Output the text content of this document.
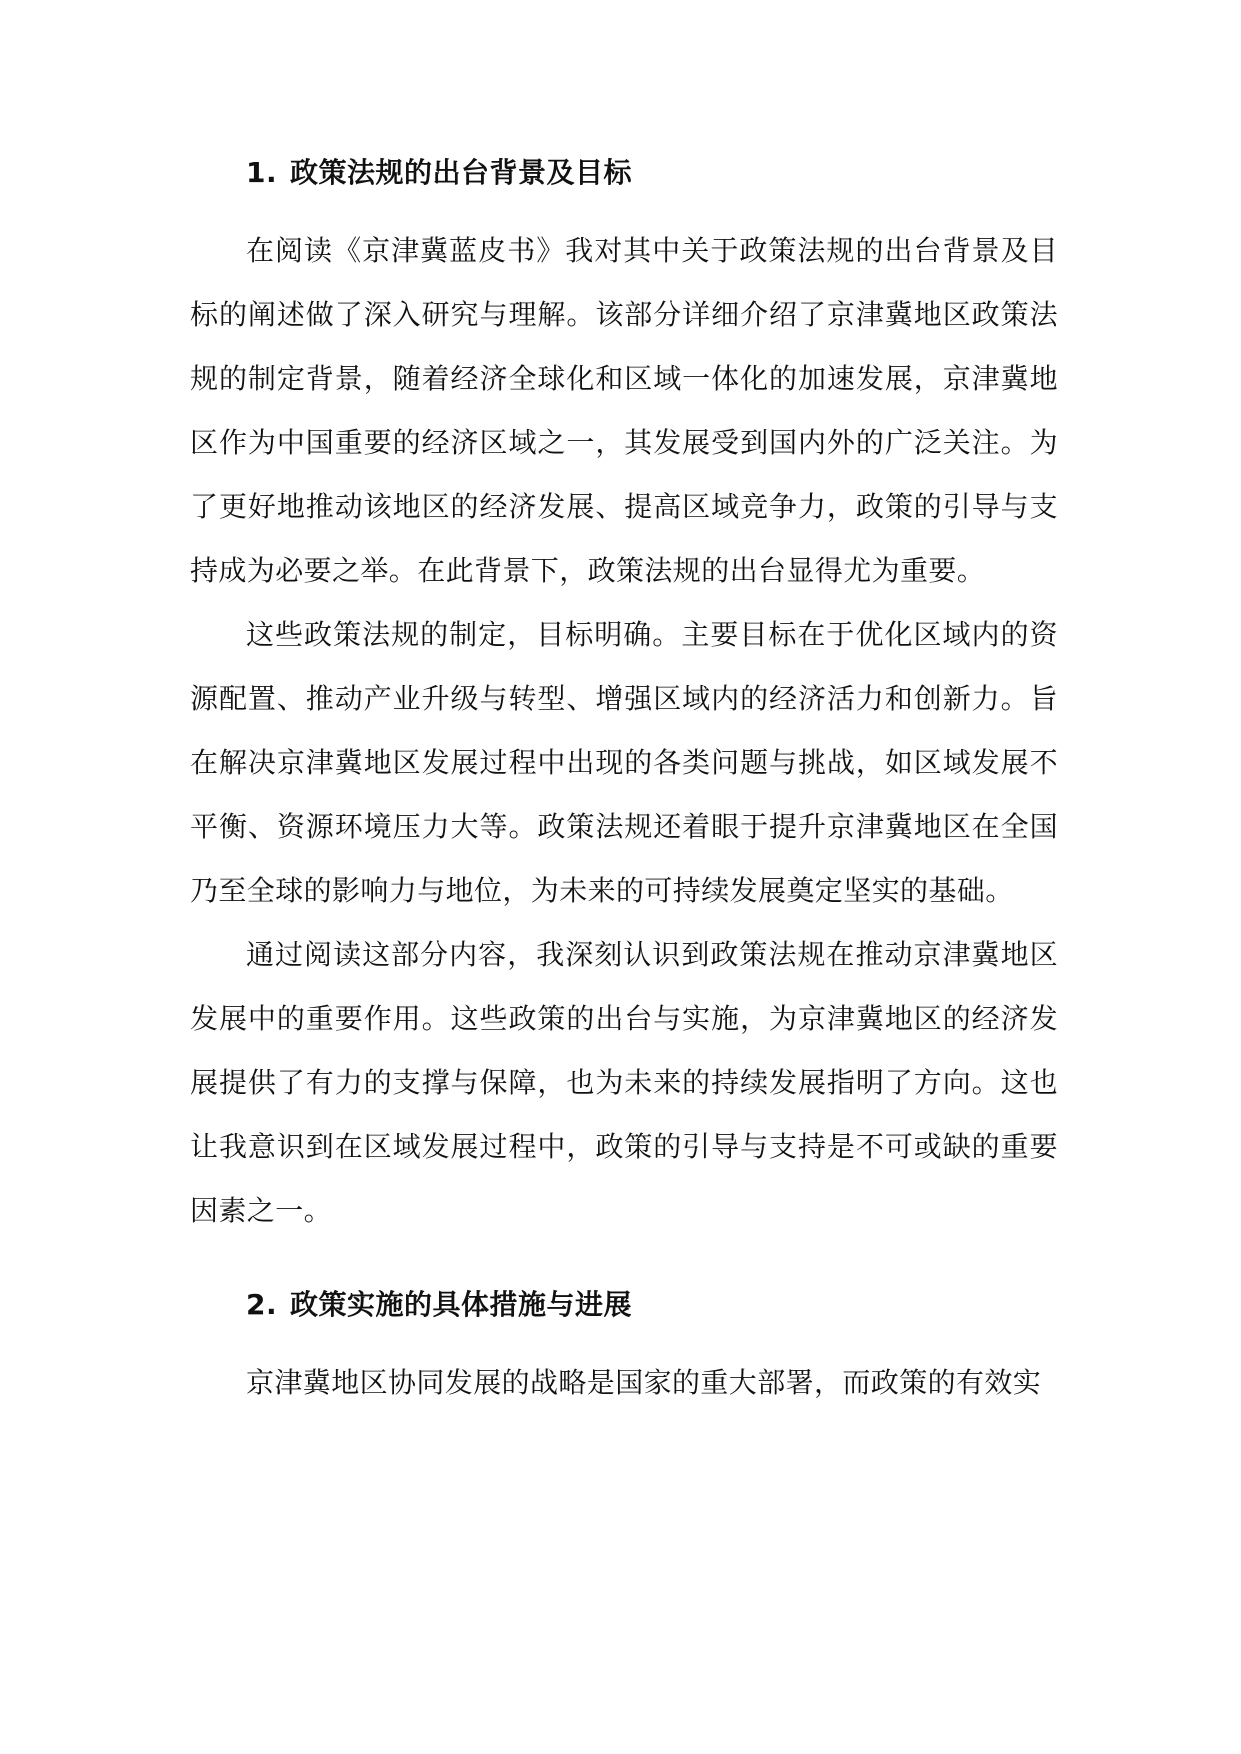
1. 政策法规的出台背景及目标

在阅读《京津冀蓝皮书》我对其中关于政策法规的出台背景及目标的阐述做了深入研究与理解。该部分详细介绍了京津冀地区政策法规的制定背景，随着经济全球化和区域一体化的加速发展，京津冀地区作为中国重要的经济区域之一，其发展受到国内外的广泛关注。为了更好地推动该地区的经济发展、提高区域竞争力，政策的引导与支持成为必要之举。在此背景下，政策法规的出台显得尤为重要。

这些政策法规的制定，目标明确。主要目标在于优化区域内的资源配置、推动产业升级与转型、增强区域内的经济活力和创新力。旨在解决京津冀地区发展过程中出现的各类问题与挑战，如区域发展不平衡、资源环境压力大等。政策法规还着眼于提升京津冀地区在全国乃至全球的影响力与地位，为未来的可持续发展奠定坚实的基础。

通过阅读这部分内容，我深刻认识到政策法规在推动京津冀地区发展中的重要作用。这些政策的出台与实施，为京津冀地区的经济发展提供了有力的支撑与保障，也为未来的持续发展指明了方向。这也让我意识到在区域发展过程中，政策的引导与支持是不可或缺的重要因素之一。

2. 政策实施的具体措施与进展

京津冀地区协同发展的战略是国家的重大部署，而政策的有效实
